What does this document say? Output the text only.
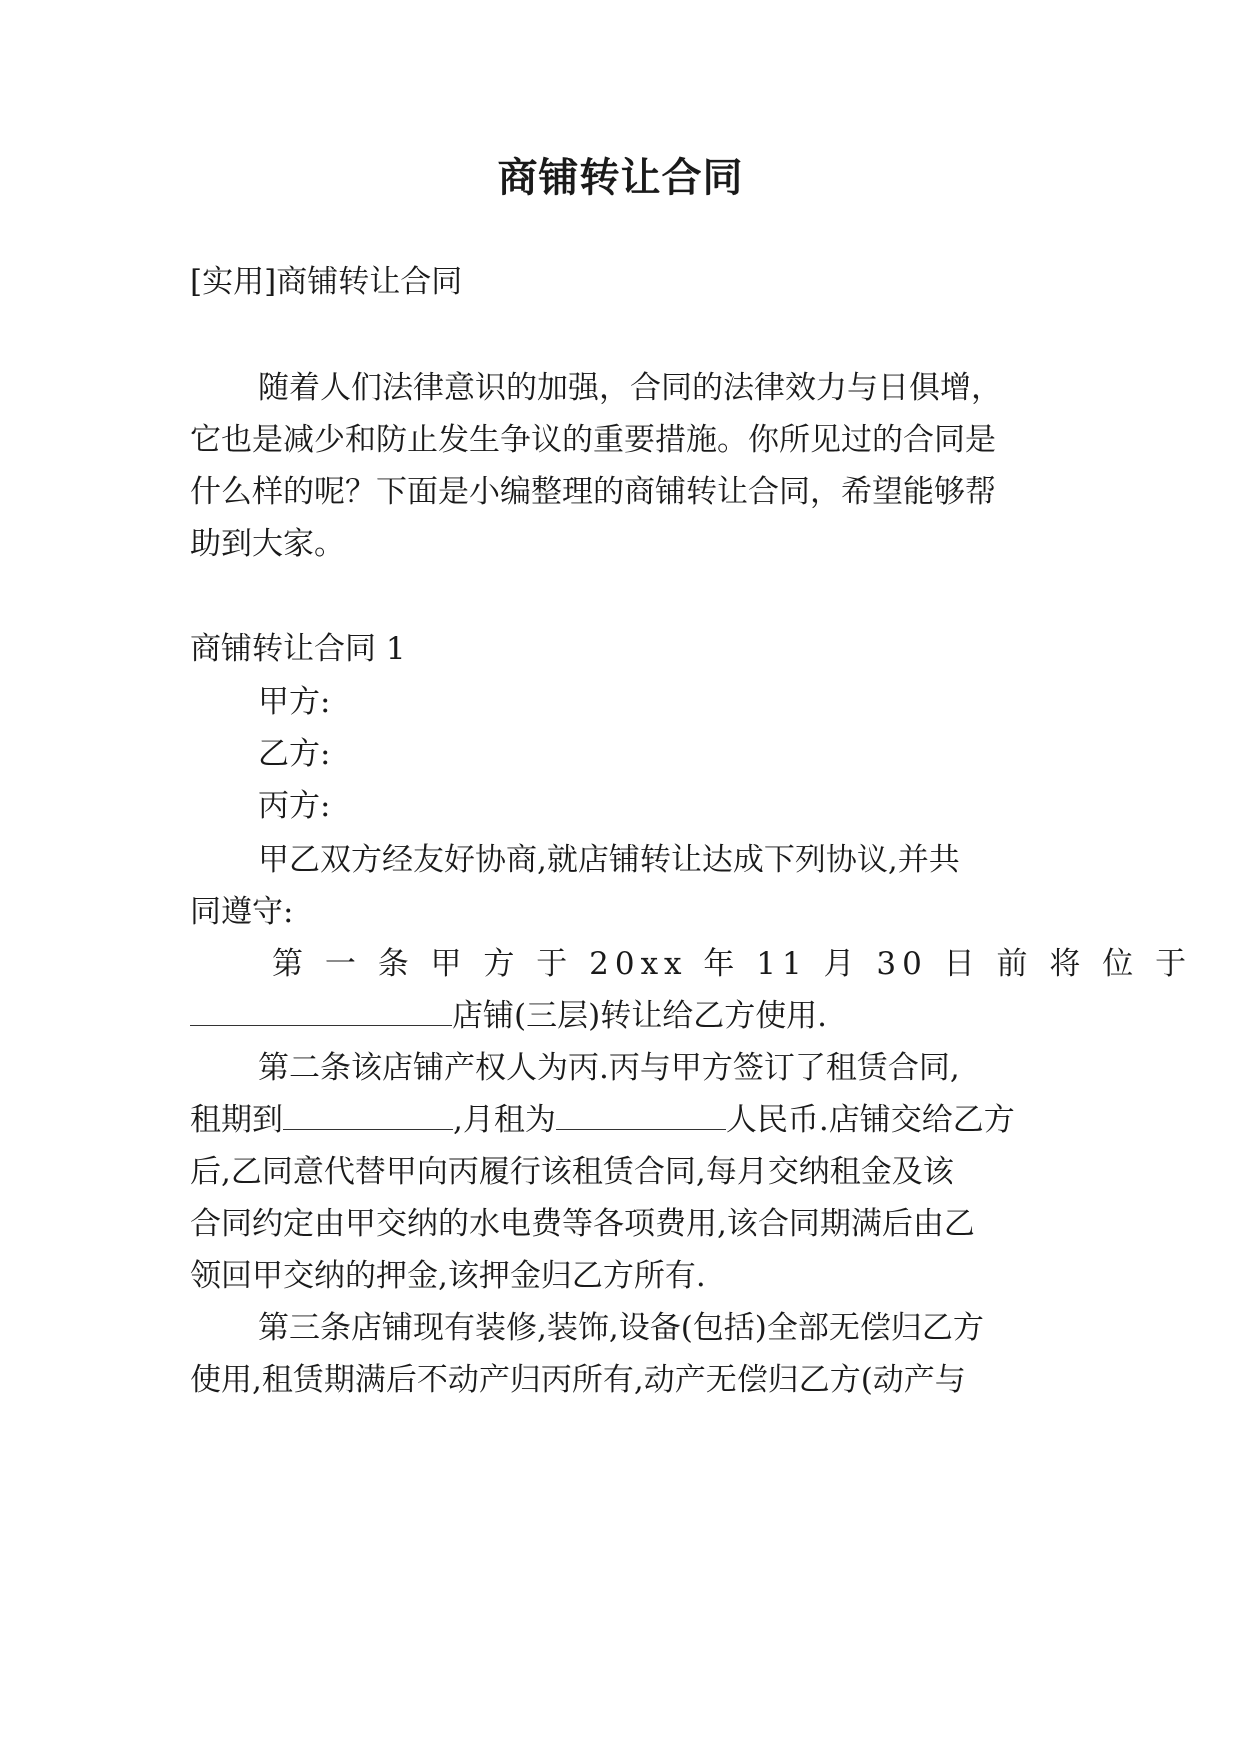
商铺转让合同
[实用]商铺转让合同
随着人们法律意识的加强，合同的法律效力与日俱增，
它也是减少和防止发生争议的重要措施。你所见过的合同是
什么样的呢？下面是小编整理的商铺转让合同，希望能够帮
助到大家。
商铺转让合同 1
甲方:
乙方:
丙方:
甲乙双方经友好协商,就店铺转让达成下列协议,并共
同遵守:
第 一 条 甲 方 于 20xx 年 11 月 30 日 前 将 位 于
店铺(三层)转让给乙方使用.
第二条该店铺产权人为丙.丙与甲方签订了租赁合同,
租期到	,月租为	人民币.店铺交给乙方
后,乙同意代替甲向丙履行该租赁合同,每月交纳租金及该
合同约定由甲交纳的水电费等各项费用,该合同期满后由乙
领回甲交纳的押金,该押金归乙方所有.
第三条店铺现有装修,装饰,设备(包括)全部无偿归乙方
使用,租赁期满后不动产归丙所有,动产无偿归乙方(动产与
